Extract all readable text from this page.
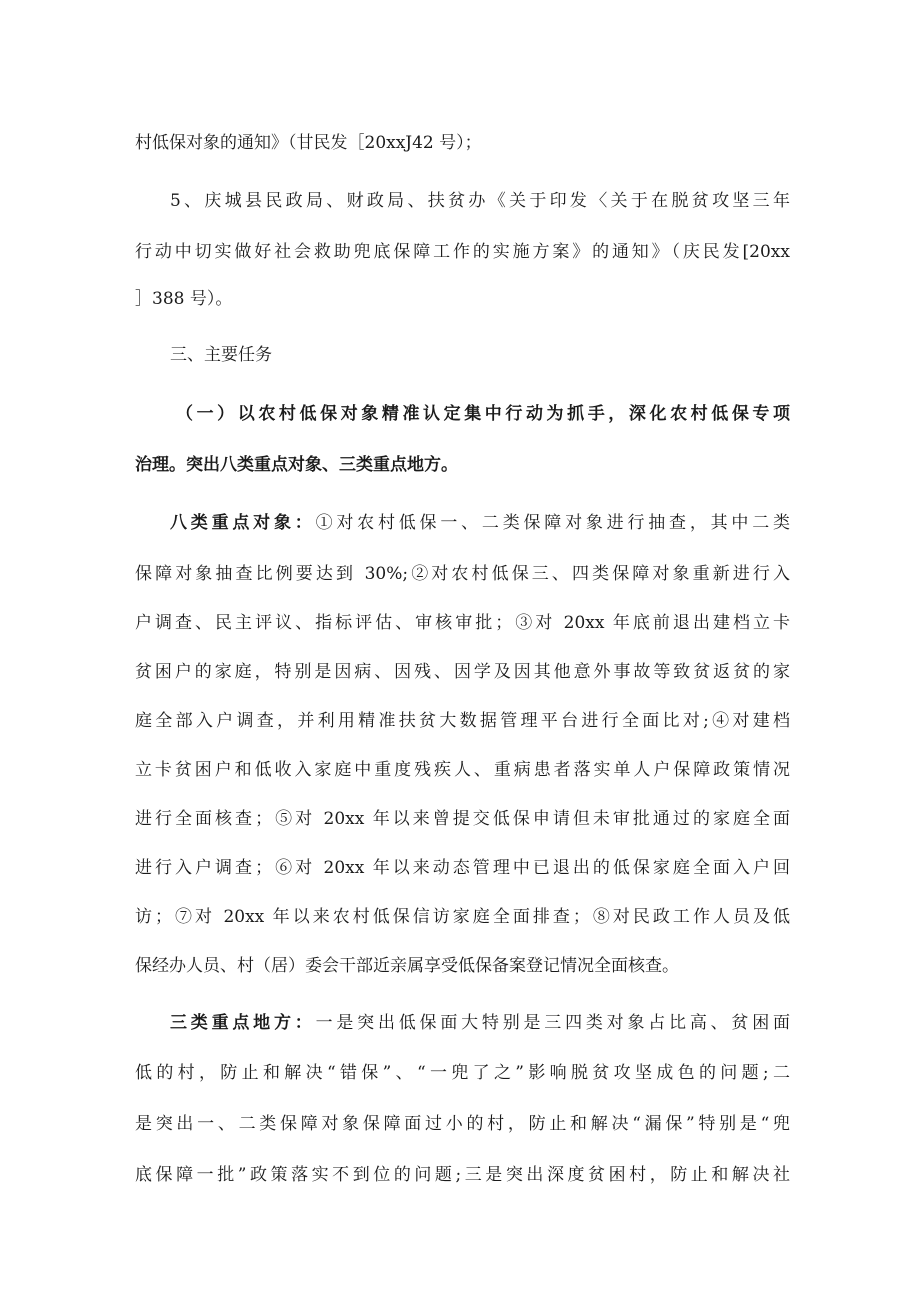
村低保对象的通知》（甘民发［20xxJ42 号）；
5、庆城县民政局、财政局、扶贫办《关于印发〈关于在脱贫攻坚三年
行动中切实做好社会救助兜底保障工作的实施方案》的通知》（庆民发[20xx
］388 号）。
三、主要任务
（一）以农村低保对象精准认定集中行动为抓手，深化农村低保专项
治理。突出八类重点对象、三类重点地方。
八类重点对象：①对农村低保一、二类保障对象进行抽查，其中二类
保障对象抽查比例要达到 30%;②对农村低保三、四类保障对象重新进行入
户调查、民主评议、指标评估、审核审批；③对 20xx 年底前退出建档立卡
贫困户的家庭，特别是因病、因残、因学及因其他意外事故等致贫返贫的家
庭全部入户调查，并利用精准扶贫大数据管理平台进行全面比对;④对建档
立卡贫困户和低收入家庭中重度残疾人、重病患者落实单人户保障政策情况
进行全面核查；⑤对 20xx 年以来曾提交低保申请但未审批通过的家庭全面
进行入户调查；⑥对 20xx 年以来动态管理中已退出的低保家庭全面入户回
访；⑦对 20xx 年以来农村低保信访家庭全面排查；⑧对民政工作人员及低
保经办人员、村（居）委会干部近亲属享受低保备案登记情况全面核查。
三类重点地方：一是突出低保面大特别是三四类对象占比高、贫困面
低的村，防止和解决“错保”、“一兜了之”影响脱贫攻坚成色的问题;二
是突出一、二类保障对象保障面过小的村，防止和解决“漏保”特别是“兜
底保障一批”政策落实不到位的问题;三是突出深度贫困村，防止和解决社
